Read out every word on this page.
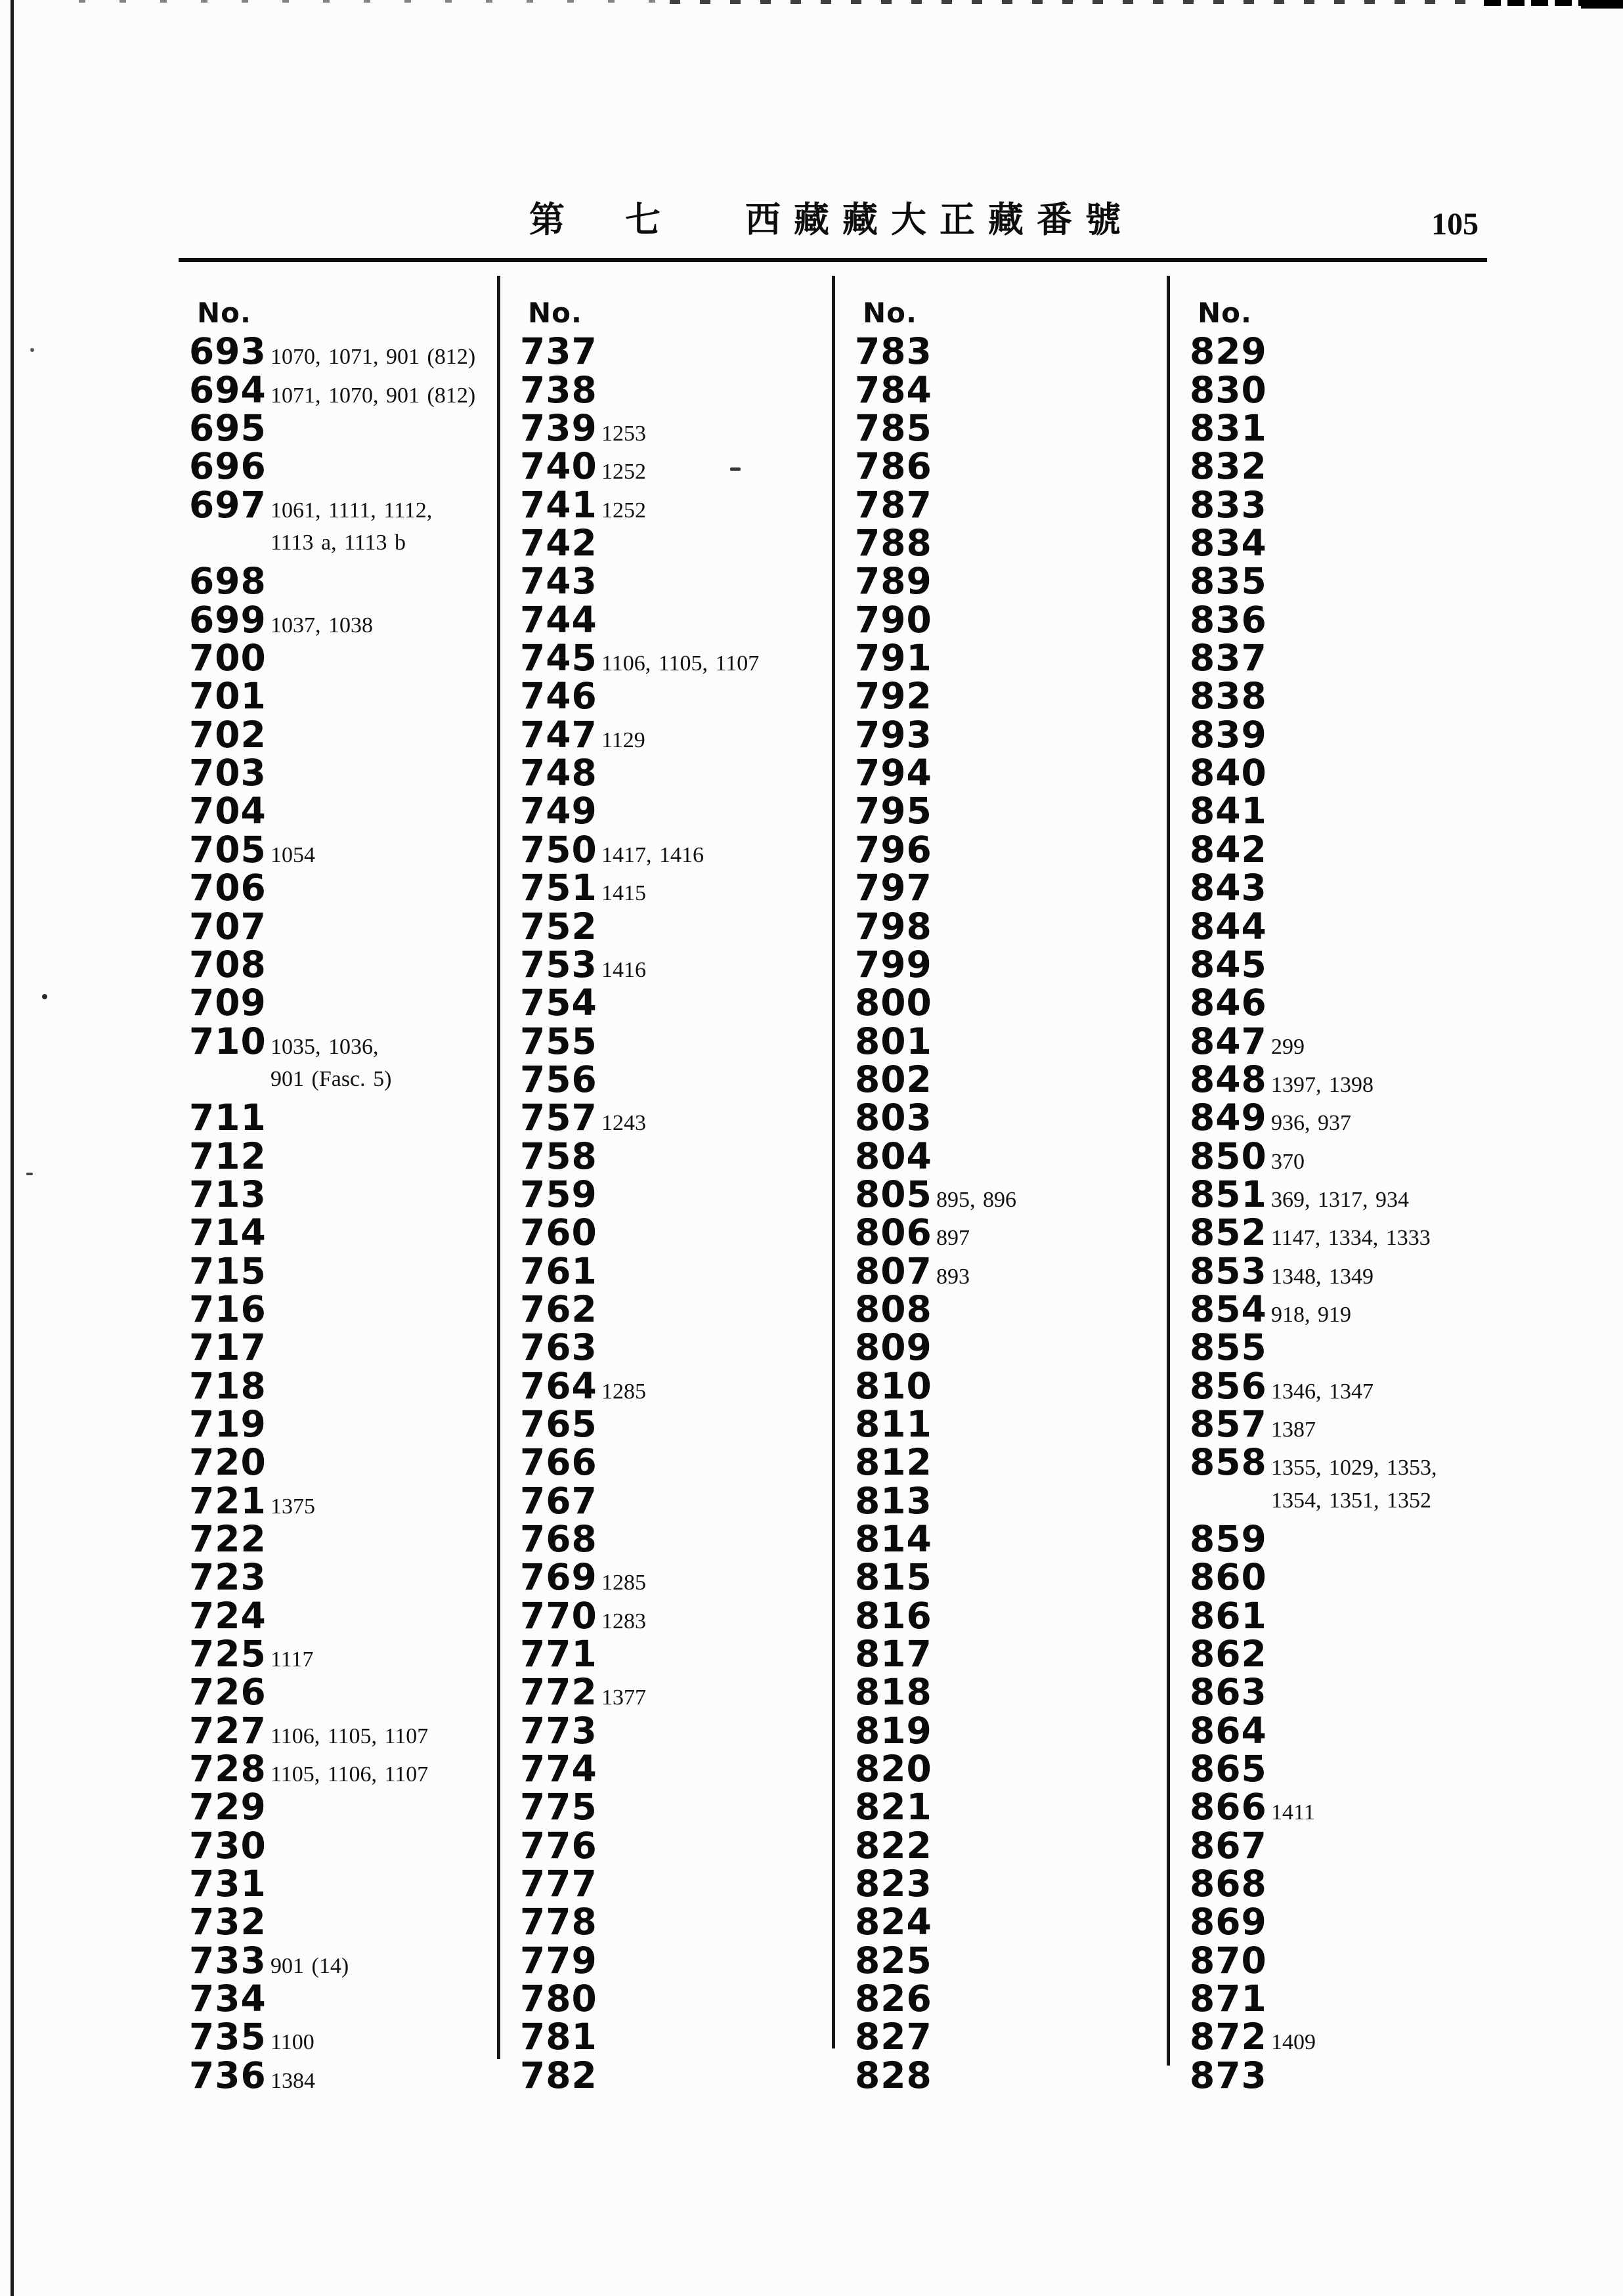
第 七 西藏藏大正藏番號	105
No.
693 1070, 1071, 901 (812)
694 1071, 1070, 901 (812)
695
696
697 1061, 1111, 1112,
1113 a, 1113 b
698
699 1037, 1038
700
701
702
703
704
705 1054
706
707
708
709
710 1035, 1036,
901 (Fasc. 5)
711
712
713
714
715
716
717
718
719
720
721 1375
722
723
724
725 1117
726
727 1106, 1105, 1107
728 1105, 1106, 1107
729
730
731
732
733 901 (14)
734
735 1100
736 1384
No.
737
738
739 1253
740 1252
741 1252
742
743
744
745 1106, 1105, 1107
746
747 1129
748
749
750 1417, 1416
751 1415
752
753 1416
754
755
756
757 1243
758
759
760
761
762
763
764 1285
765
766
767
768
769 1285
770 1283
771
772 1377
773
774
775
776
777
778
779
780
781
782
No.
783
784
785
786
787
788
789
790
791
792
793
794
795
796
797
798
799
800
801
802
803
804
805 895, 896
806 897
807 893
808
809
810
811
812
813
814
815
816
817
818
819
820
821
822
823
824
825
826
827
828
No.
829
830
831
832
833
834
835
836
837
838
839
840
841
842
843
844
845
846
847 299
848 1397, 1398
849 936, 937
850 370
851 369, 1317, 934
852 1147, 1334, 1333
853 1348, 1349
854 918, 919
855
856 1346, 1347
857 1387
858 1355, 1029, 1353,
1354, 1351, 1352
859
860
861
862
863
864
865
866 1411
867
868
869
870
871
872 1409
873
